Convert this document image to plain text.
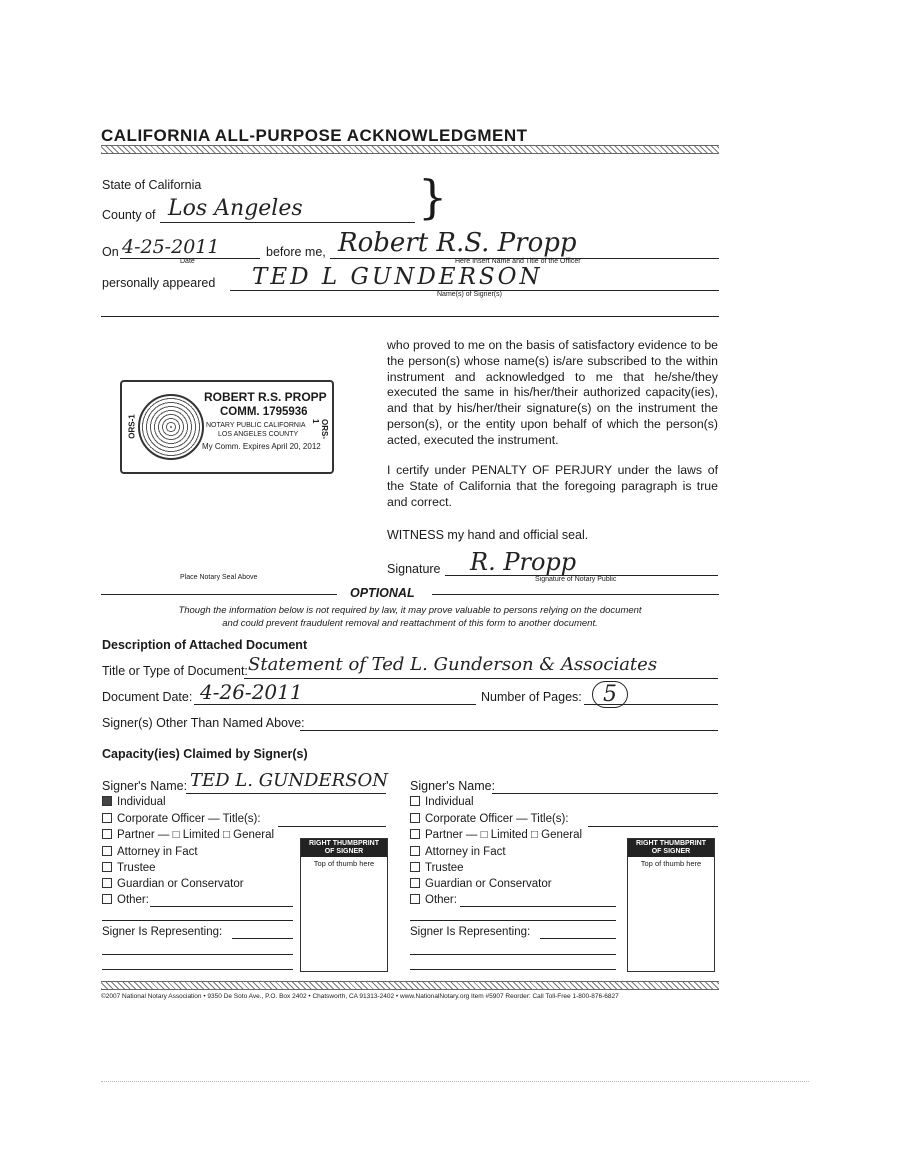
CALIFORNIA ALL-PURPOSE ACKNOWLEDGMENT
State of California
County of Los Angeles	}
On 4-25-2011
Date
before me, Robert R.S. Propp
Here Insert Name and Title of the Officer
personally appeared TED L GUNDERSON
Name(s) of Signer(s)
ORS-1	ORS-1
ROBERT R.S. PROPP
COMM. 1795936
NOTARY PUBLIC CALIFORNIA
LOS ANGELES COUNTY
My Comm. Expires April 20, 2012
Place Notary Seal Above
who proved to me on the basis of satisfactory evidence to be the person(s) whose name(s) is/are subscribed to the within instrument and acknowledged to me that he/she/they executed the same in his/her/their authorized capacity(ies), and that by his/her/their signature(s) on the instrument the person(s), or the entity upon behalf of which the person(s) acted, executed the instrument.
I certify under PENALTY OF PERJURY under the laws of the State of California that the foregoing paragraph is true and correct.
WITNESS my hand and official seal.
Signature R. Propp
Signature of Notary Public
OPTIONAL
Though the information below is not required by law, it may prove valuable to persons relying on the document
and could prevent fraudulent removal and reattachment of this form to another document.
Description of Attached Document
Title or Type of Document: Statement of Ted L. Gunderson & Associates
Document Date: 4-26-2011	Number of Pages: 5
Signer(s) Other Than Named Above:
Capacity(ies) Claimed by Signer(s)
Signer's Name: TED L. GUNDERSON
Individual
Corporate Officer — Title(s):
Partner — □ Limited □ General
Attorney in Fact
Trustee
Guardian or Conservator
Other:
Signer Is Representing:
RIGHT THUMBPRINT
OF SIGNER
Top of thumb here
Signer's Name:
Individual
Corporate Officer — Title(s):
Partner — □ Limited □ General
Attorney in Fact
Trustee
Guardian or Conservator
Other:
Signer Is Representing:
RIGHT THUMBPRINT
OF SIGNER
Top of thumb here
©2007 National Notary Association • 9350 De Soto Ave., P.O. Box 2402 • Chatsworth, CA 91313-2402 • www.NationalNotary.org Item #5907 Reorder: Call Toll-Free 1-800-876-6827
